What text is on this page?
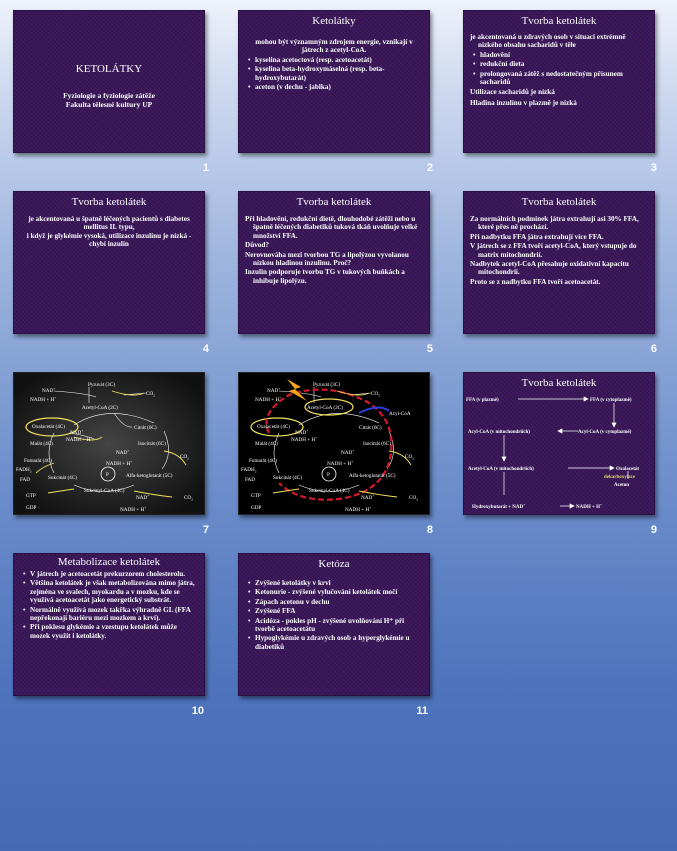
KETOLÁTKY
Fyziologie a fyziologie zátěže
Fakulta tělesné kultury UP
1
Ketolátky
mohou být významným zdrojem energie, vznikají v játrech z acetyl-CoA.
• kyselina acetoctová (resp. acetoacetát)
• kyselina beta-hydroxymáselná (resp. beta-hydroxybutarát)
• aceton (v dechu - jablka)
2
Tvorba ketolátek
je akcentovaná u zdravých osob v situaci extrémně nízkého obsahu sacharidů v těle
• hladovění
• redukční dieta
• prolongovaná zátěž s nedostatečným přísunem sacharidů
Utilizace sacharidů je nízká
Hladina inzulínu v plazmě je nízká
3
Tvorba ketolátek
je akcentovaná u špatně léčených pacientů s diabetes mellitus II. typu,
i když je glykémie vysoká, utilizace inzulínu je nízká -
chybí inzulín
4
Tvorba ketolátek
Při hladovění, redukční dietě, dlouhodobé zátěži nebo u špatně léčených diabetiků tuková tkáň uvolňuje velké množství FFA.
Důvod?
Nerovnováha mezi tvorbou TG a lipolýzou vyvolanou nízkou hladinou inzulinu. Proč?
Inzulin podporuje tvorbu TG v tukových buňkách a inhibuje lipolýzu.
5
Tvorba ketolátek
Za normálních podmínek játra extrahují asi 30% FFA, které přes ně prochází.
Při nadbytku FFA játra extrahují více FFA.
V játrech se z FFA tvoří acetyl-CoA, který vstupuje do matrix mitochondrií.
Nadbytek acetyl-CoA přesahuje oxidativní kapacitu mitochondrií.
Proto se z nadbytku FFA tvoří acetoacetát.
6
Pyruvát (3C)
NAD+
$CO_2$
NADH + H+
Acetyl-CoA (2C)
Oxalacetát (4C)	Citrát (6C)
NAD+
NADH + H+
Malát (4C)	Isocitrát (6C)
NAD+
$CO_2$
Fumarát (4C)	NADH + H+
$FADH_2$
Sukcinát (4C)	P	Alfa-ketoglutarát (5C)
FAD
Sukcinyl-CoA (4C)
NAD+	$CO_2$
GTP
GDP	NADH + H+
7
Pyruvát (3C)
NAD+
$CO_2$
NADH + H+
Acetyl-CoA (2C)
Acyl-CoA
Oxalacetát (4C)	Citrát (6C)
NAD+
NADH + H+
Malát (4C)	Isocitrát (6C)
NAD+
$CO_2$
Fumarát (4C)	NADH + H+
$FADH_2$
Sukcinát (4C)	P	Alfa-ketoglutarát (5C)
FAD
Sukcinyl-CoA (4C)
NAD+	$CO_2$
GTP
GDP	NADH + H+
8
Tvorba ketolátek
FFA (v plazmě)	FFA (v cytoplazmě)
Acyl-CoA (v mitochondriích)	Acyl-CoA (v cytoplazmě)
Acetyl-CoA (v mitochondriích)	Oxalacetát
dekarboxylace
Aceton
Hydroxybutarát + NAD+	NADH + H+
9
Metabolizace ketolátek
• V játrech je acetoacetát prekurzorem cholesterolu.
• Většina ketolátek je však metabolizována mimo játra, zejména ve svalech, myokardu a v mozku, kde se využívá acetoacetát jako energetický substrát.
• Normálně využívá mozek takřka výhradně GL (FFA nepřekonají bariéru mezi mozkem a krví).
• Při poklesu glykémie a vzestupu ketolátek může mozek využít i ketolátky.
10
Ketóza
• Zvýšené ketolátky v krvi
• Ketonurie - zvýšené vylučování ketolátek močí
• Zápach acetonu v dechu
• Zvýšené FFA
• Acidóza - pokles pH - zvýšené uvolňování H⁺ při tvorbě acetoacetátu
• Hypoglykémie u zdravých osob a hyperglykémie u diabetiků
11
